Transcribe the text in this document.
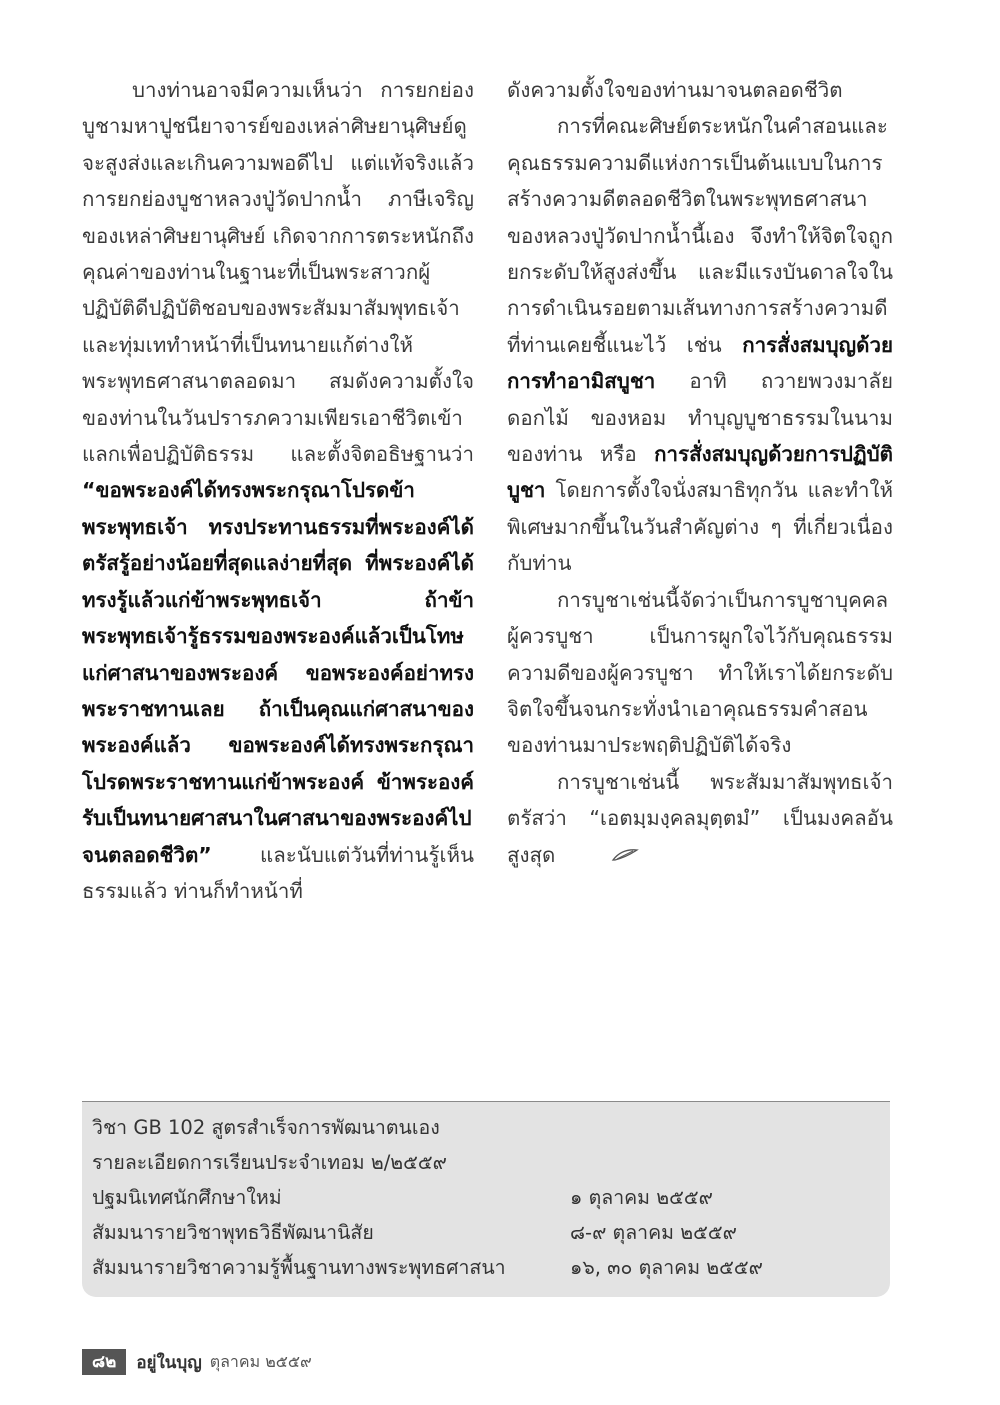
บางท่านอาจมีความเห็นว่า การยกย่องบูชามหาปูชนียาจารย์ของเหล่าศิษยานุศิษย์ดูจะสูงส่งและเกินความพอดีไป แต่แท้จริงแล้ว การยกย่องบูชาหลวงปู่วัดปากน้ำ ภาษีเจริญ ของเหล่าศิษยานุศิษย์ เกิดจากการตระหนักถึงคุณค่าของท่านในฐานะที่เป็นพระสาวกผู้ปฏิบัติดีปฏิบัติชอบของพระสัมมาสัมพุทธเจ้า และทุ่มเททำหน้าที่เป็นทนายแก้ต่างให้พระพุทธศาสนาตลอดมา สมดังความตั้งใจของท่านในวันปรารภความเพียรเอาชีวิตเข้าแลกเพื่อปฏิบัติธรรม และตั้งจิตอธิษฐานว่า “ขอพระองค์ได้ทรงพระกรุณาโปรดข้าพระพุทธเจ้า ทรงประทานธรรมที่พระองค์ได้ตรัสรู้อย่างน้อยที่สุดแลง่ายที่สุด ที่พระองค์ได้ทรงรู้แล้วแก่ข้าพระพุทธเจ้า ถ้าข้าพระพุทธเจ้ารู้ธรรมของพระองค์แล้วเป็นโทษแก่ศาสนาของพระองค์ ขอพระองค์อย่าทรงพระราชทานเลย ถ้าเป็นคุณแก่ศาสนาของพระองค์แล้ว ขอพระองค์ได้ทรงพระกรุณาโปรดพระราชทานแก่ข้าพระองค์ ข้าพระองค์รับเป็นทนายศาสนาในศาสนาของพระองค์ไปจนตลอดชีวิต” และนับแต่วันที่ท่านรู้เห็นธรรมแล้ว ท่านก็ทำหน้าที่

ดังความตั้งใจของท่านมาจนตลอดชีวิต

การที่คณะศิษย์ตระหนักในคำสอนและคุณธรรมความดีแห่งการเป็นต้นแบบในการสร้างความดีตลอดชีวิตในพระพุทธศาสนาของหลวงปู่วัดปากน้ำนี้เอง จึงทำให้จิตใจถูกยกระดับให้สูงส่งขึ้น และมีแรงบันดาลใจในการดำเนินรอยตามเส้นทางการสร้างความดีที่ท่านเคยชี้แนะไว้ เช่น การสั่งสมบุญด้วยการทำอามิสบูชา อาทิ ถวายพวงมาลัย ดอกไม้ ของหอม ทำบุญบูชาธรรมในนามของท่าน หรือ การสั่งสมบุญด้วยการปฏิบัติบูชา โดยการตั้งใจนั่งสมาธิทุกวัน และทำให้พิเศษมากขึ้นในวันสำคัญต่าง ๆ ที่เกี่ยวเนื่องกับท่าน

การบูชาเช่นนี้จัดว่าเป็นการบูชาบุคคลผู้ควรบูชา เป็นการผูกใจไว้กับคุณธรรมความดีของผู้ควรบูชา ทำให้เราได้ยกระดับจิตใจขึ้นจนกระทั่งนำเอาคุณธรรมคำสอนของท่านมาประพฤติปฏิบัติได้จริง

การบูชาเช่นนี้ พระสัมมาสัมพุทธเจ้าตรัสว่า “เอตมฺมงฺคลมุตฺตมํ” เป็นมงคลอันสูงสุด

วิชา GB 102 สูตรสำเร็จการพัฒนาตนเอง
รายละเอียดการเรียนประจำเทอม ๒/๒๕๕๙
ปฐมนิเทศนักศึกษาใหม่	๑ ตุลาคม ๒๕๕๙
สัมมนารายวิชาพุทธวิธีพัฒนานิสัย	๘-๙ ตุลาคม ๒๕๕๙
สัมมนารายวิชาความรู้พื้นฐานทางพระพุทธศาสนา	๑๖, ๓๐ ตุลาคม ๒๕๕๙
๘๒	อยู่ในบุญ ตุลาคม ๒๕๕๙
